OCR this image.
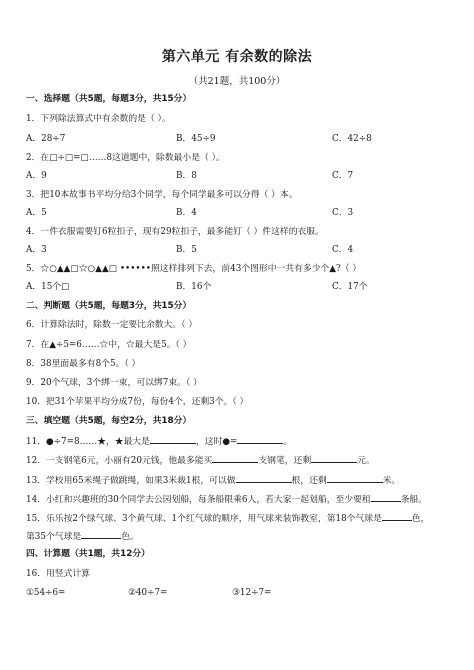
第六单元 有余数的除法
（共21题，共100分）
一、选择题（共5题，每题3分，共15分）
1．下列除法算式中有余数的是（ ）。
A．28÷7	B．45÷9	C．42÷8
2．在□÷□=□……8这道题中，除数最小是（ ）。
A．9	B．8	C．7
3．把10本故事书平均分给3个同学，每个同学最多可以分得（ ）本。
A．5	B．4	C．3
4．一件衣服需要钉6粒扣子，现有29粒扣子，最多能钉（ ）件这样的衣服。
A．3	B．5	C．4
5．☆○▲▲□☆○▲▲□ ••••••照这样排列下去，前43个图形中一共有多少个▲?（ ）
A．15个□	B．16个	C．17个
二、判断题（共5题，每题3分，共15分）
6．计算除法时，除数一定要比余数大。（ ）
7．在▲÷5=6……☆中，☆最大是5。（ ）
8．38里面最多有8个5。（ ）
9．20个气球，3个绑一束，可以绑7束。（ ）
10．把31个苹果平均分成7份，每份4个，还剩3个。（ ）
三、填空题（共5题，每空2分，共18分）
11．●÷7=8……★，★最大是	，这时●=	。
12．一支钢笔6元，小丽有20元钱，他最多能买	支钢笔，还剩	元。
13．学校用65米绳子做跳绳，如果3米裁1根，可以做	根，还剩	米。
14．小红和兴趣班的30个同学去公园划船，每条船限乘6人，若大家一起划船，至少要租	条船。
15．乐乐按2个绿气球、3个黄气球、1个红气球的顺序，用气球来装饰教室，第18个气球是	色，
第35个气球是	色。
四、计算题（共1题，共12分）
16．用竖式计算
①54÷6=	②40÷7=	③12÷7=
